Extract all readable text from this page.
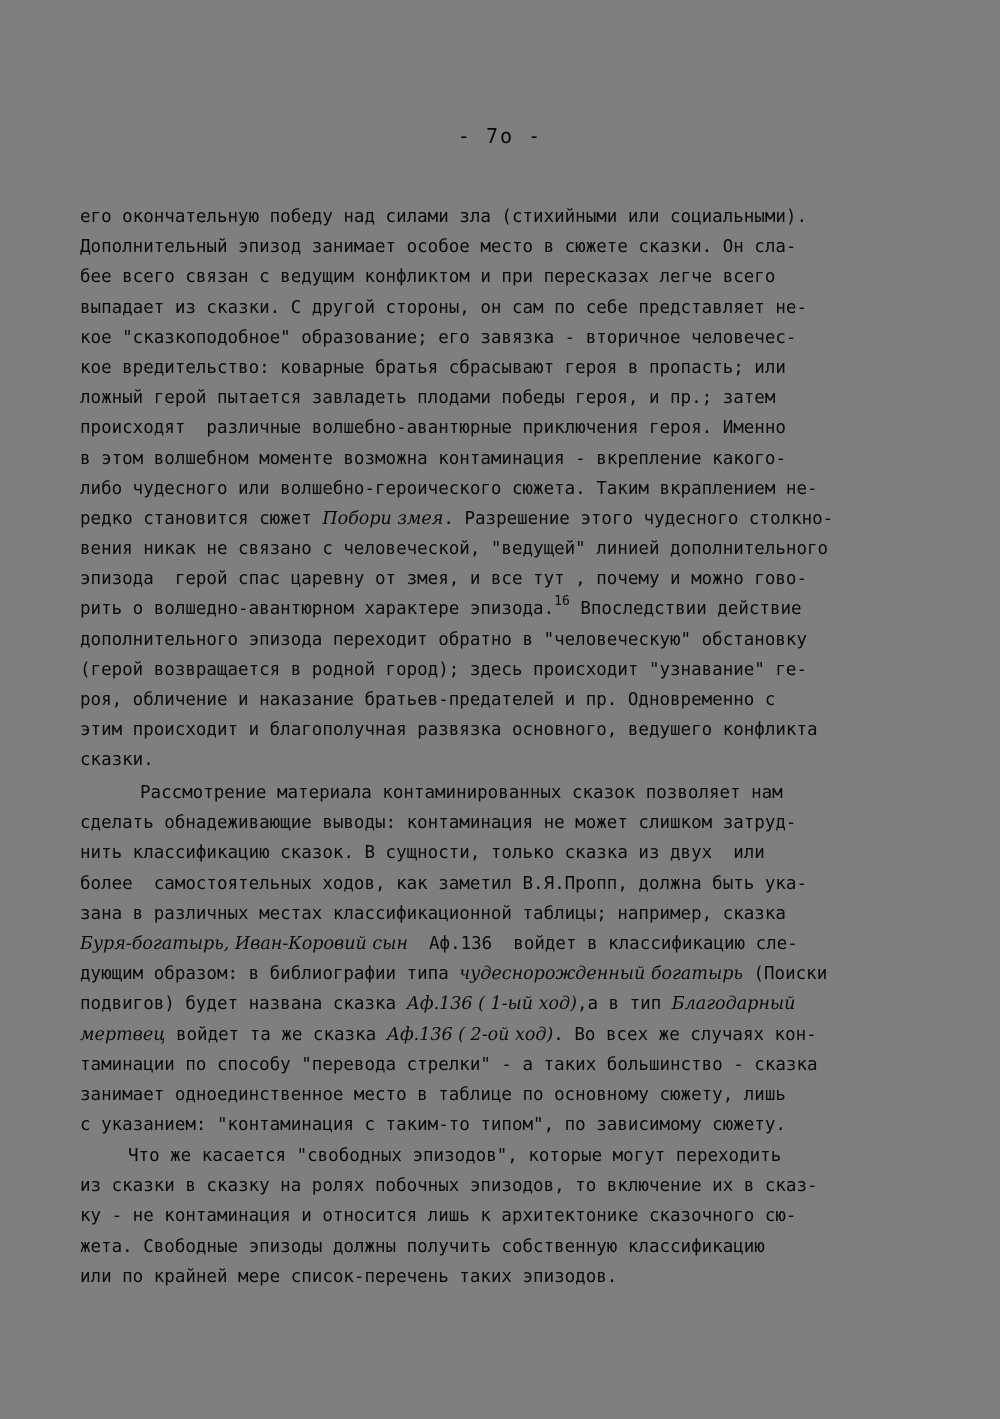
- 7о -
его окончательную победу над силами зла (стихийными или социальными).
Дополнительный эпизод занимает особое место в сюжете сказки. Он сла-
бее всего связан с ведущим конфликтом и при пересказах легче всего
выпадает из сказки. С другой стороны, он сам по себе представляет не-
кое "сказкоподобное" образование; его завязка - вторичное человечес-
кое вредительство: коварные братья сбрасывают героя в пропасть; или
ложный герой пытается завладеть плодами победы героя, и пр.; затем
происходят  различные волшебно-авантюрные приключения героя. Именно
в этом волшебном моменте возможна контаминация - вкрепление какого-
либо чудесного или волшебно-героического сюжета. Таким вкраплением не-
редко становится сюжет Побори змея. Разрешение этого чудесного столкно-
вения никак не связано с человеческой, "ведущей" линией дополнительного
эпизода  герой спас царевну от змея, и все тут , почему и можно гово-
рить о волшедно-авантюрном характере эпизода.$^{16}$ Впоследствии действие
дополнительного эпизода переходит обратно в "человеческую" обстановку
(герой возвращается в родной город); здесь происходит "узнавание" ге-
роя, обличение и наказание братьев-предателей и пр. Одновременно с
этим происходит и благополучная развязка основного, ведушего конфликта
сказки.
Рассмотрение материала контаминированных сказок позволяет нам
сделать обнадеживающие выводы: контаминация не может слишком затруд-
нить классификацию сказок. В сущности, только сказка из двух  или
более  самостоятельных ходов, как заметил В.Я.Пропп, должна быть ука-
зана в различных местах классификационной таблицы; например, сказка
Буря-богатырь, Иван-Коровий сын  Аф.136  войдет в классификацию сле-
дующим образом: в библиографии типа чудеснорожденный богатырь (Поиски
подвигов) будет названа сказка Аф.136 ( 1-ый ход),а в тип Благодарный
мертвец войдет та же сказка Аф.136 ( 2-ой ход). Во всех же случаях кон-
таминации по способу "перевода стрелки" - а таких большинство - сказка
занимает одноединственное место в таблице по основному сюжету, лишь
с указанием: "контаминация с таким-то типом", по зависимому сюжету.
Что же касается "свободных эпизодов", которые могут переходить
из сказки в сказку на ролях побочных эпизодов, то включение их в сказ-
ку - не контаминация и относится лишь к архитектонике сказочного сю-
жета. Свободные эпизоды должны получить собственную классификацию
или по крайней мере список-перечень таких эпизодов.
